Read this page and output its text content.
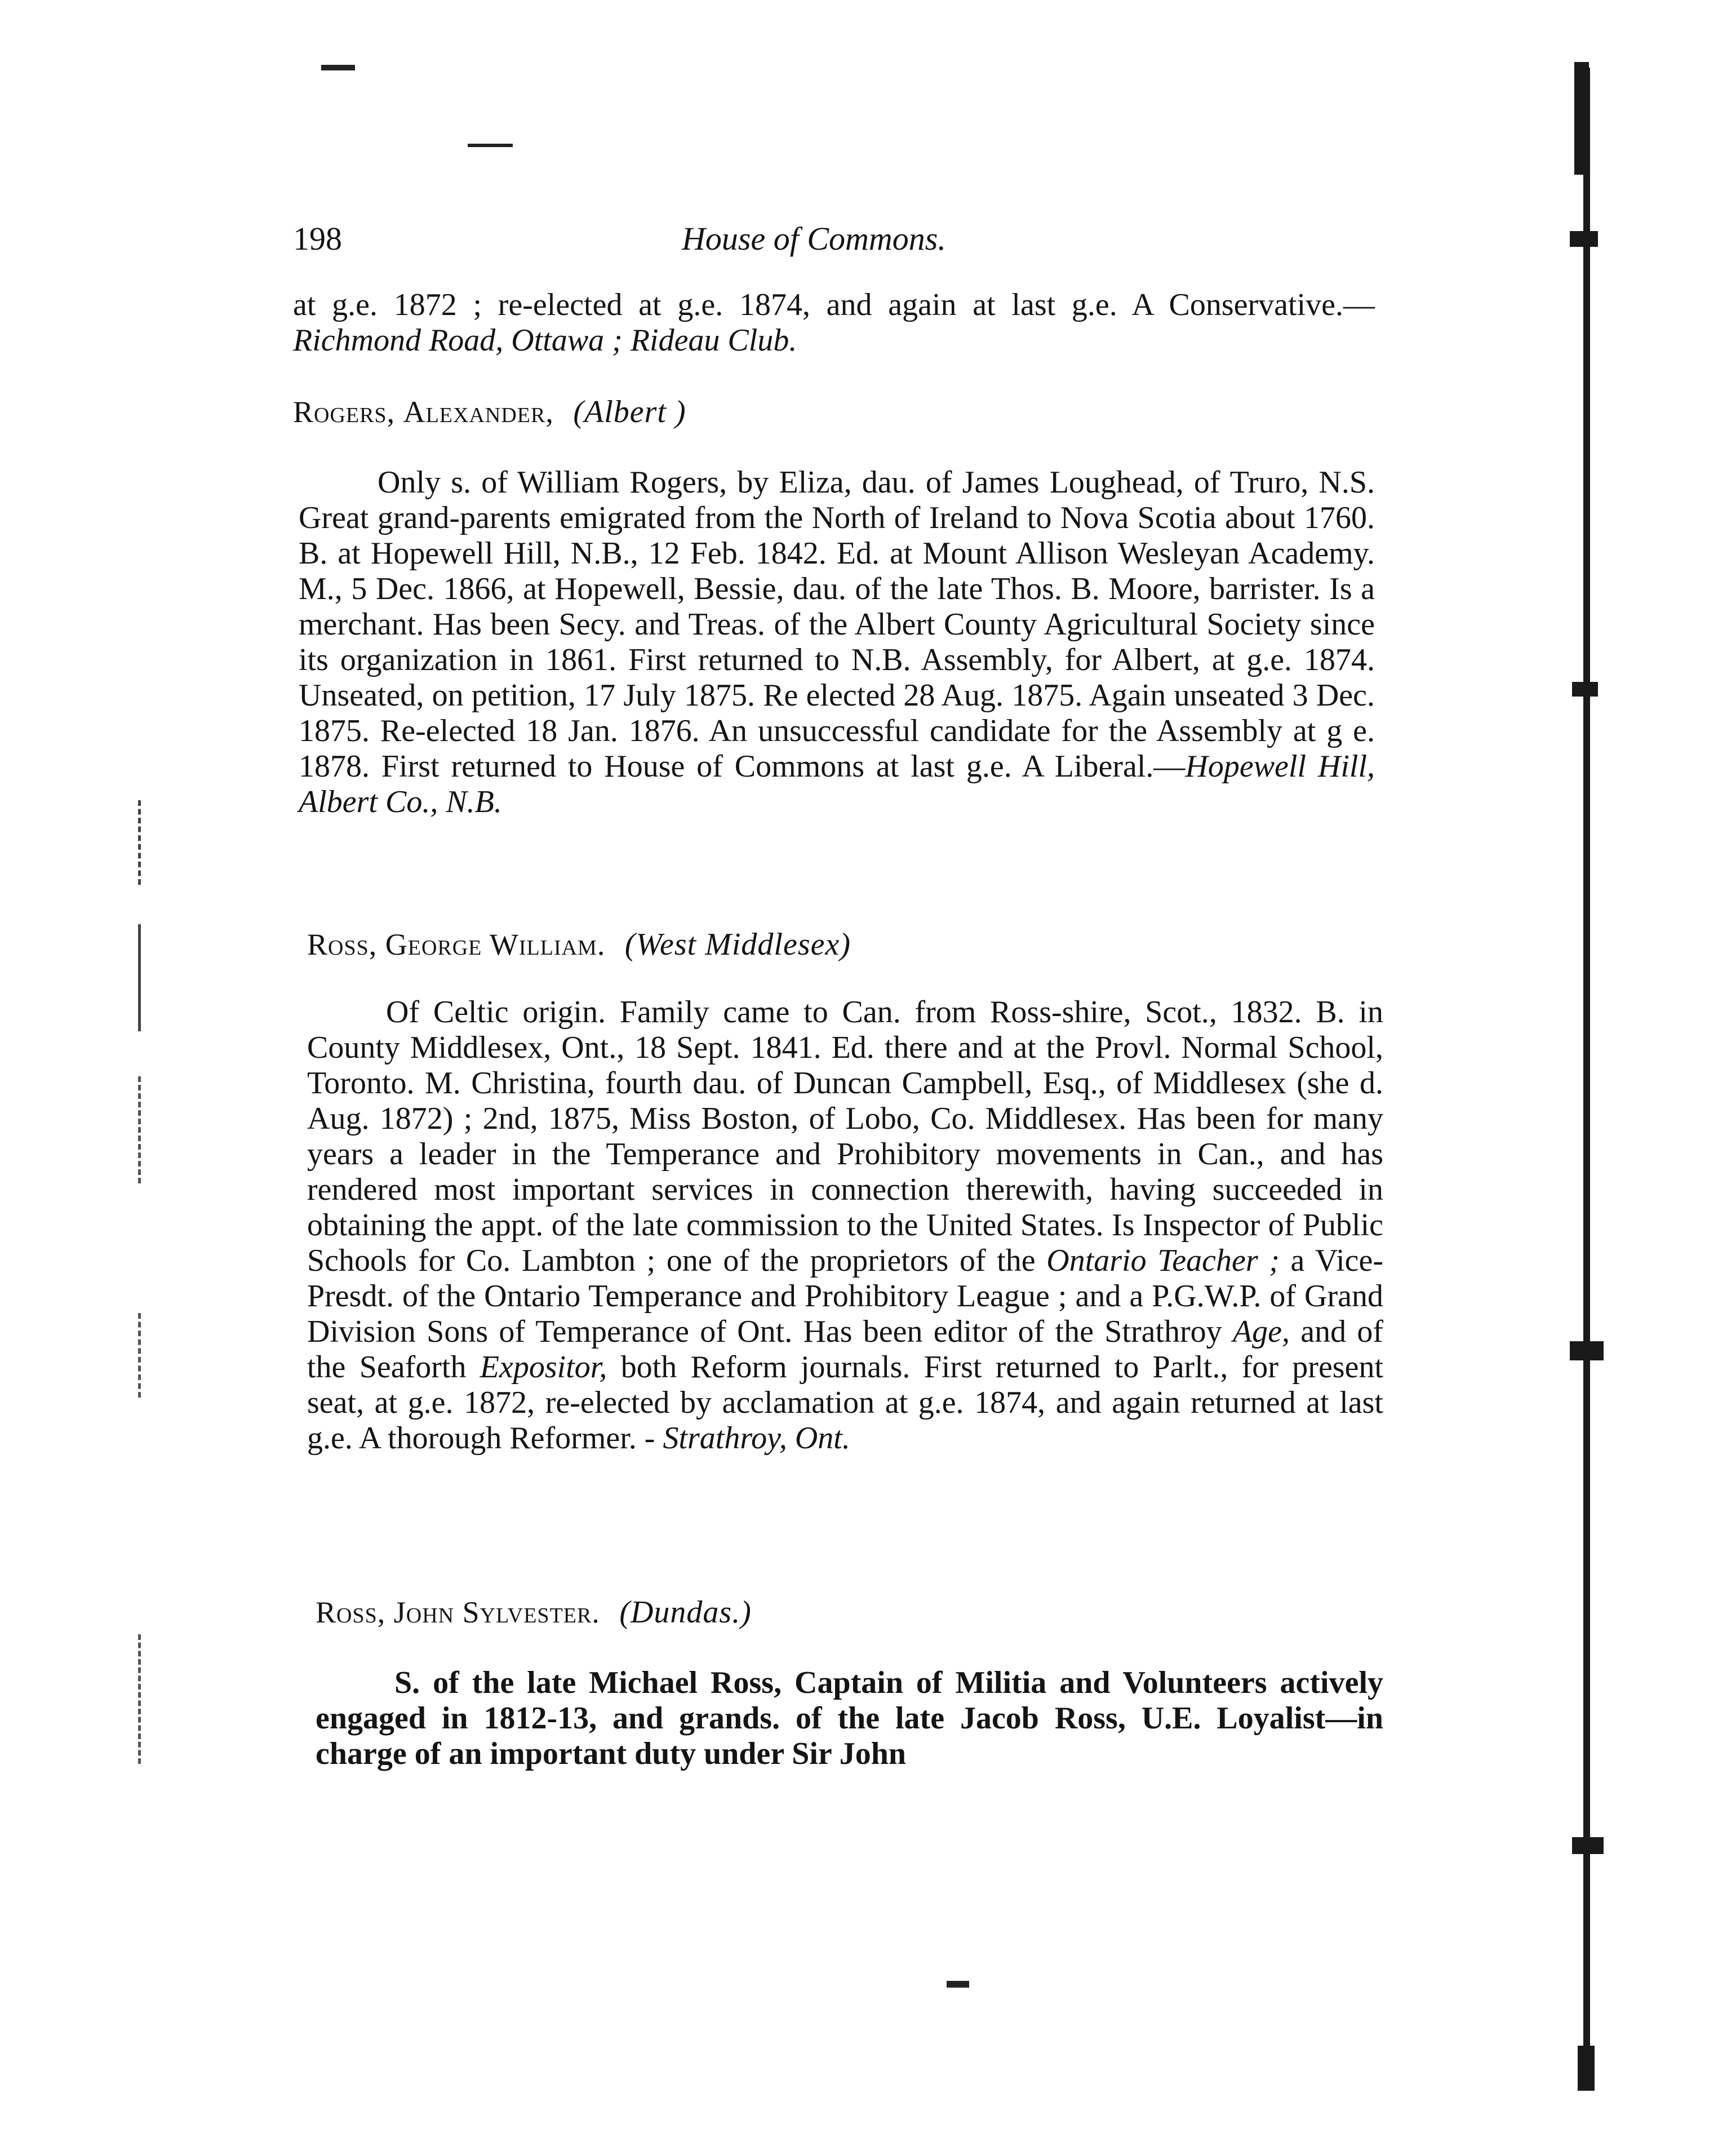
198	House of Commons.

at g.e. 1872 ; re-elected at g.e. 1874, and again at last g.e. A Conservative.—Richmond Road, Ottawa ; Rideau Club.

Rogers, Alexander, (Albert )

Only s. of William Rogers, by Eliza, dau. of James Loughead, of Truro, N.S. Great grand-parents emigrated from the North of Ireland to Nova Scotia about 1760. B. at Hopewell Hill, N.B., 12 Feb. 1842. Ed. at Mount Allison Wesleyan Academy. M., 5 Dec. 1866, at Hopewell, Bessie, dau. of the late Thos. B. Moore, barrister. Is a merchant. Has been Secy. and Treas. of the Albert County Agricultural Society since its organization in 1861. First returned to N.B. Assembly, for Albert, at g.e. 1874. Unseated, on petition, 17 July 1875. Re elected 28 Aug. 1875. Again unseated 3 Dec. 1875. Re-elected 18 Jan. 1876. An unsuccessful candidate for the Assembly at g e. 1878. First returned to House of Commons at last g.e. A Liberal.—Hopewell Hill, Albert Co., N.B.

Ross, George William. (West Middlesex)

Of Celtic origin. Family came to Can. from Ross-shire, Scot., 1832. B. in County Middlesex, Ont., 18 Sept. 1841. Ed. there and at the Provl. Normal School, Toronto. M. Christina, fourth dau. of Duncan Campbell, Esq., of Middlesex (she d. Aug. 1872) ; 2nd, 1875, Miss Boston, of Lobo, Co. Middlesex. Has been for many years a leader in the Temperance and Prohibitory movements in Can., and has rendered most important services in connection therewith, having succeeded in obtaining the appt. of the late commission to the United States. Is Inspector of Public Schools for Co. Lambton ; one of the proprietors of the Ontario Teacher ; a Vice-Presdt. of the Ontario Temperance and Prohibitory League ; and a P.G.W.P. of Grand Division Sons of Temperance of Ont. Has been editor of the Strathroy Age, and of the Seaforth Expositor, both Reform journals. First returned to Parlt., for present seat, at g.e. 1872, re-elected by acclamation at g.e. 1874, and again returned at last g.e. A thorough Reformer. - Strathroy, Ont.

Ross, John Sylvester. (Dundas.)

S. of the late Michael Ross, Captain of Militia and Volunteers actively engaged in 1812-13, and grands. of the late Jacob Ross, U.E. Loyalist—in charge of an important duty under Sir John
